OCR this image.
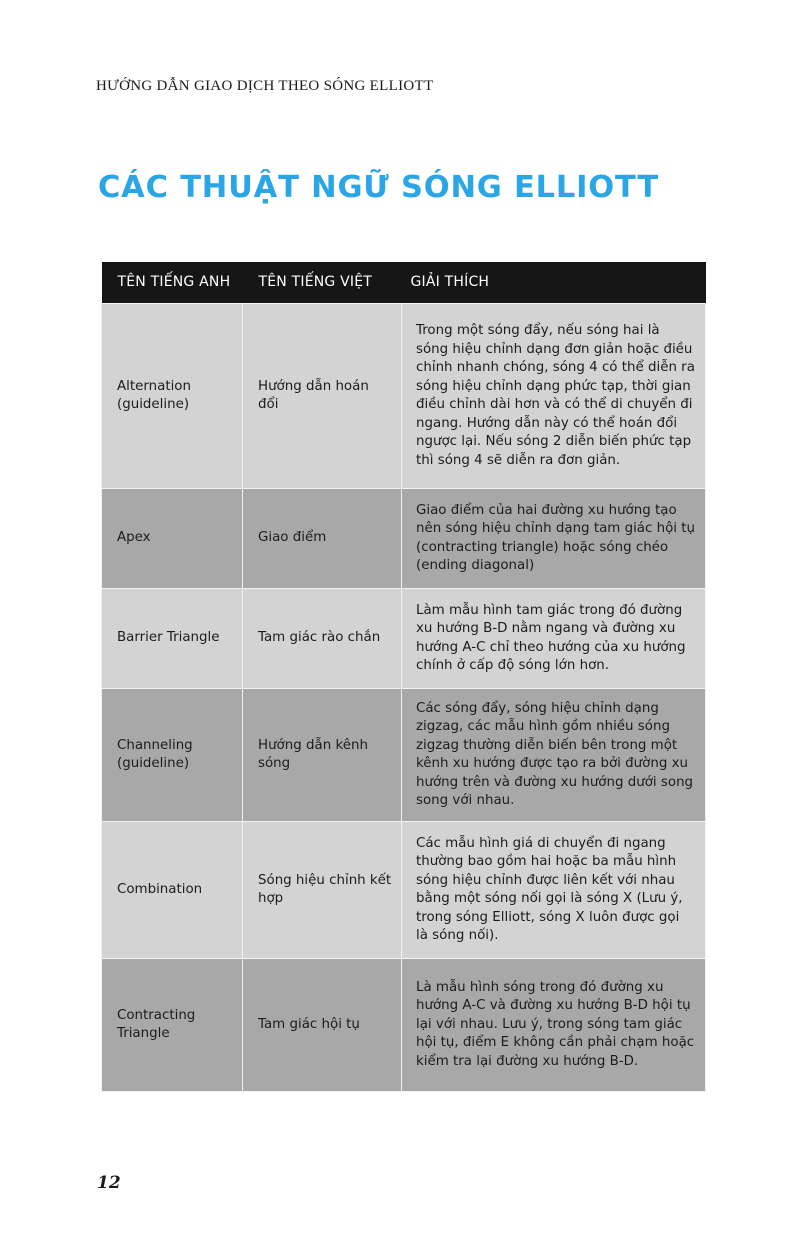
HƯỚNG DẪN GIAO DỊCH THEO SÓNG ELLIOTT
CÁC THUẬT NGỮ SÓNG ELLIOTT
TÊN TIẾNG ANH	TÊN TIẾNG VIỆT	GIẢI THÍCH
Alternation (guideline)	Hướng dẫn hoán đổi	Trong một sóng đẩy, nếu sóng hai là sóng hiệu chỉnh dạng đơn giản hoặc điều chỉnh nhanh chóng, sóng 4 có thể diễn ra sóng hiệu chỉnh dạng phức tạp, thời gian điều chỉnh dài hơn và có thể di chuyển đi ngang. Hướng dẫn này có thể hoán đổi ngược lại. Nếu sóng 2 diễn biến phức tạp thì sóng 4 sẽ diễn ra đơn giản.
Apex	Giao điểm	Giao điểm của hai đường xu hướng tạo nên sóng hiệu chỉnh dạng tam giác hội tụ (contracting triangle) hoặc sóng chéo (ending diagonal)
Barrier Triangle	Tam giác rào chắn	Làm mẫu hình tam giác trong đó đường xu hướng B-D nằm ngang và đường xu hướng A-C chỉ theo hướng của xu hướng chính ở cấp độ sóng lớn hơn.
Channeling (guideline)	Hướng dẫn kênh sóng	Các sóng đẩy, sóng hiệu chỉnh dạng zigzag, các mẫu hình gồm nhiều sóng zigzag thường diễn biến bên trong một kênh xu hướng được tạo ra bởi đường xu hướng trên và đường xu hướng dưới song song với nhau.
Combination	Sóng hiệu chỉnh kết hợp	Các mẫu hình giá di chuyển đi ngang thường bao gồm hai hoặc ba mẫu hình sóng hiệu chỉnh được liên kết với nhau bằng một sóng nối gọi là sóng X (Lưu ý, trong sóng Elliott, sóng X luôn được gọi là sóng nối).
Contracting Triangle	Tam giác hội tụ	Là mẫu hình sóng trong đó đường xu hướng A-C và đường xu hướng B-D hội tụ lại với nhau. Lưu ý, trong sóng tam giác hội tụ, điểm E không cần phải chạm hoặc kiểm tra lại đường xu hướng B-D.
12
